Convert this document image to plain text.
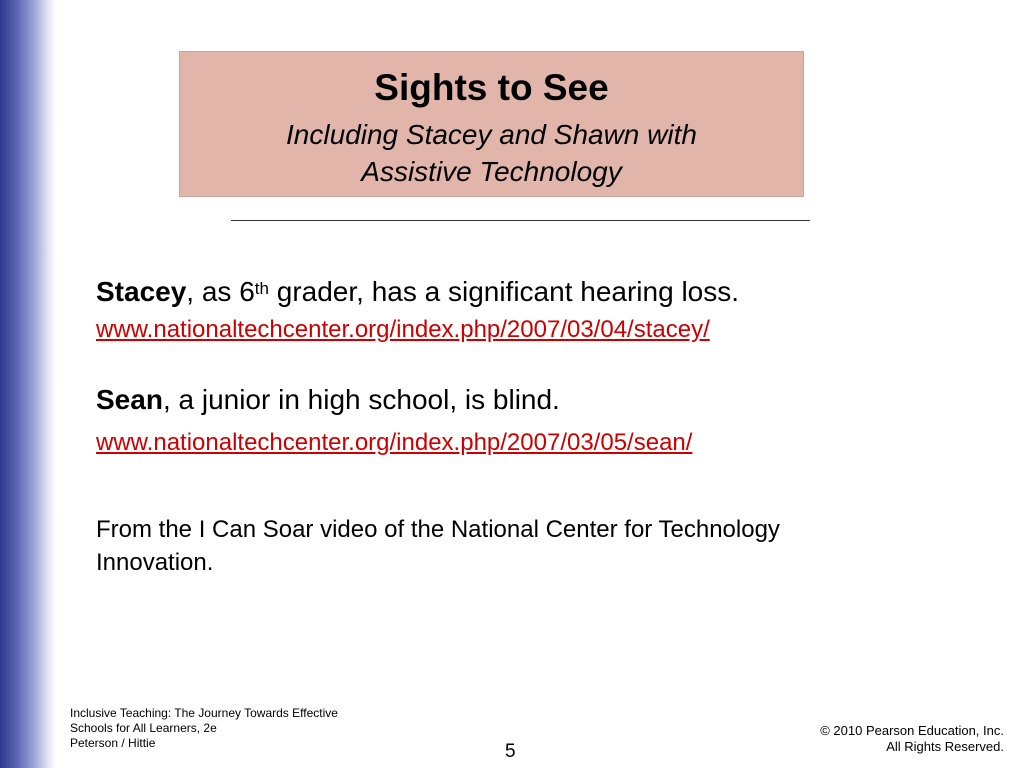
Sights to See
Including Stacey and Shawn with
Assistive Technology
Stacey, as 6th grader, has a significant hearing loss.
www.nationaltechcenter.org/index.php/2007/03/04/stacey/
Sean, a junior in high school, is blind.
www.nationaltechcenter.org/index.php/2007/03/05/sean/
From the I Can Soar video of the National Center for Technology
Innovation.
Inclusive Teaching: The Journey Towards Effective
Schools for All Learners, 2e
Peterson / Hittie	5
© 2010 Pearson Education, Inc.
All Rights Reserved.
